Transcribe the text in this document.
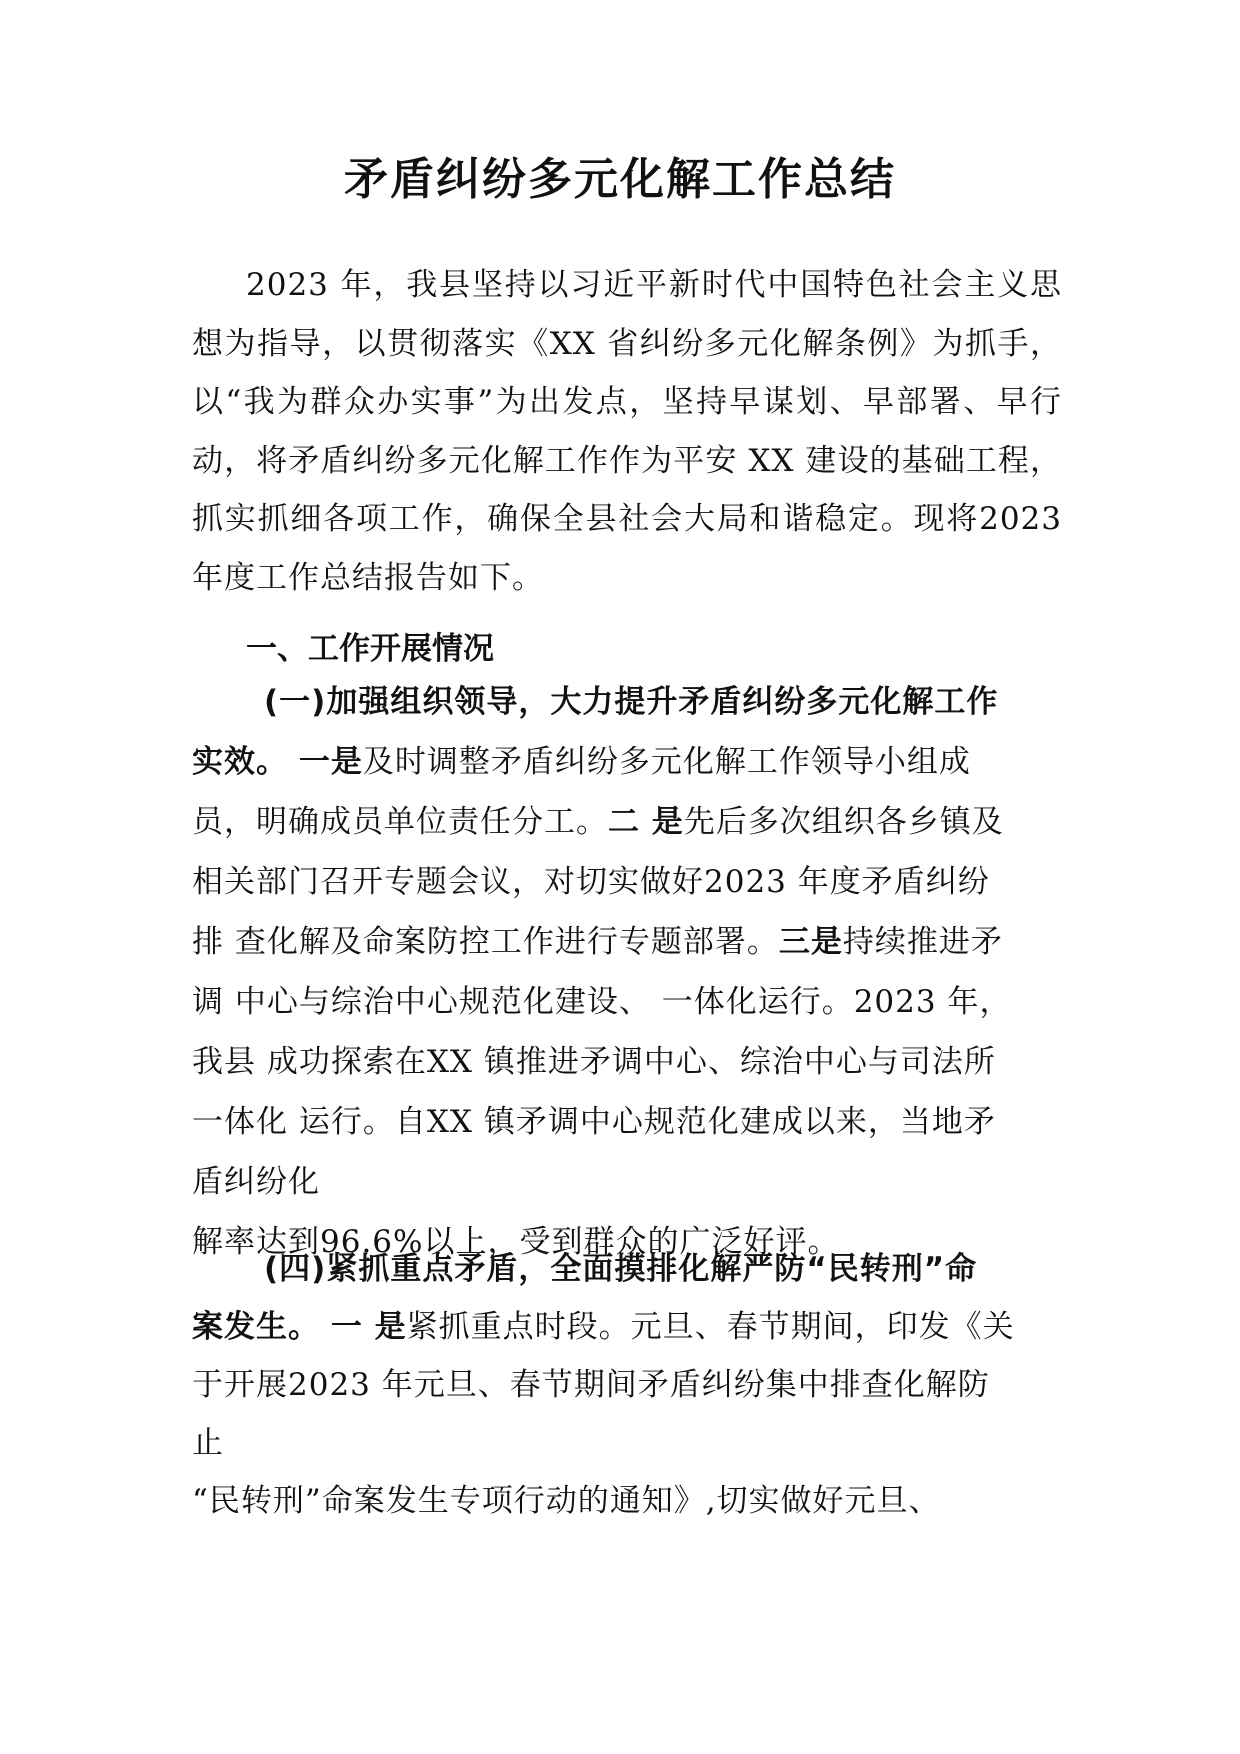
矛盾纠纷多元化解工作总结

2023 年，我县坚持以习近平新时代中国特色社会主义思想为指导，以贯彻落实《XX 省纠纷多元化解条例》为抓手，以“我为群众办实事”为出发点，坚持早谋划、早部署、早行动，将矛盾纠纷多元化解工作作为平安 XX 建设的基础工程，抓实抓细各项工作，确保全县社会大局和谐稳定。现将2023 年度工作总结报告如下。

一、工作开展情况
(一)加强组织领导，大力提升矛盾纠纷多元化解工作
实效。 一是及时调整矛盾纠纷多元化解工作领导小组成
员，明确成员单位责任分工。二 是先后多次组织各乡镇及
相关部门召开专题会议，对切实做好2023 年度矛盾纠纷
排 查化解及命案防控工作进行专题部署。三是持续推进矛
调 中心与综治中心规范化建设、 一体化运行。2023 年，
我县 成功探索在XX 镇推进矛调中心、综治中心与司法所
一体化 运行。自XX 镇矛调中心规范化建成以来，当地矛
盾纠纷化
解率达到96.6%以上，受到群众的广泛好评。
(四)紧抓重点矛盾，全面摸排化解严防“民转刑”命
案发生。 一 是紧抓重点时段。元旦、春节期间，印发《关
于开展2023 年元旦、春节期间矛盾纠纷集中排查化解防
止
“民转刑”命案发生专项行动的通知》,切实做好元旦、
